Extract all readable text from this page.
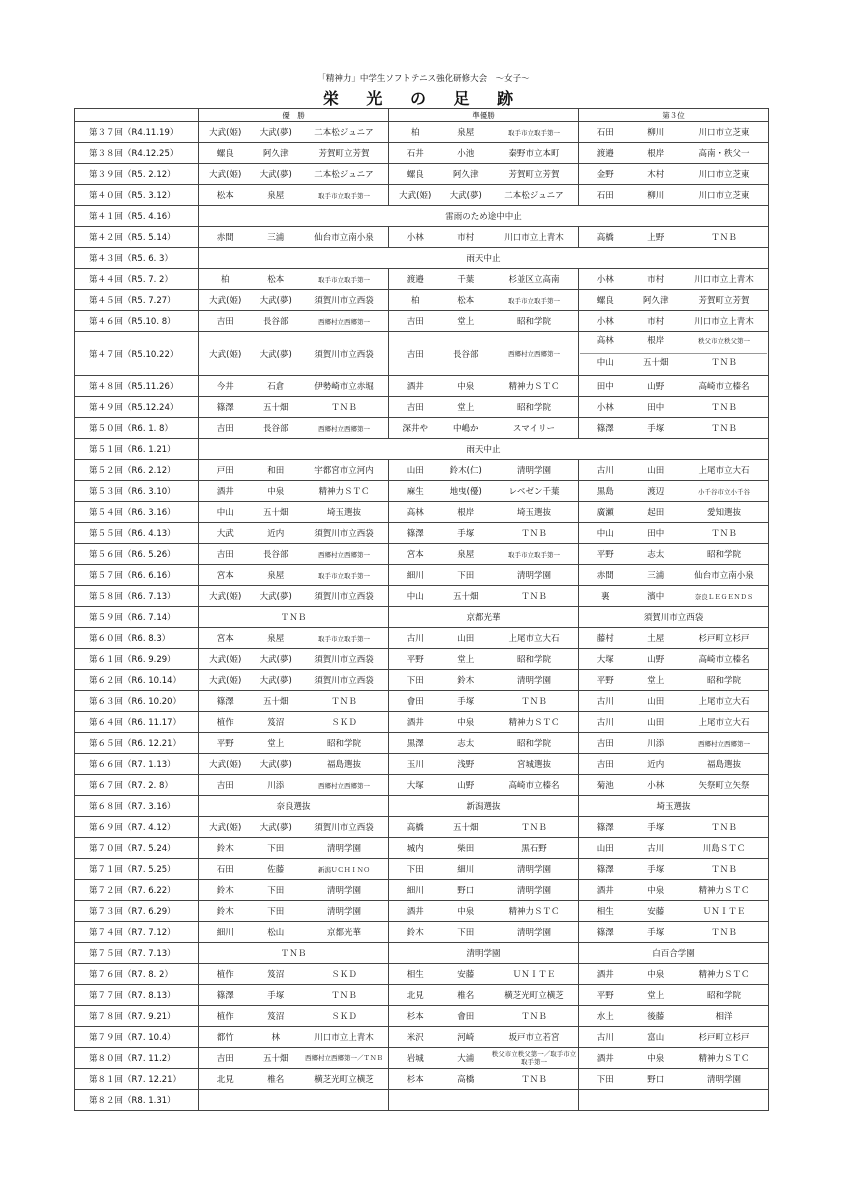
「精神力」中学生ソフトテニス強化研修大会　～女子～
栄 光 の 足 跡
	優　勝	準優勝	第３位
第３７回（R4.11.19）	大武(姫) 大武(夢) 二本松ジュニア	柏 泉屋 取手市立取手第一	石田 柳川 川口市立芝東

第３８回（R4.12.25）	螺良 阿久津 芳賀町立芳賀	石井 小池 秦野市立本町	渡邉 根岸 高南・秩父一

第３９回（R5. 2.12）	大武(姫) 大武(夢) 二本松ジュニア	螺良 阿久津 芳賀町立芳賀	金野 木村 川口市立芝東

第４０回（R5. 3.12）	松本 泉屋 取手市立取手第一	大武(姫) 大武(夢) 二本松ジュニア	石田 柳川 川口市立芝東

第４１回（R5. 4.16）	雷雨のため途中中止		
第４２回（R5. 5.14）	赤間 三浦 仙台市立南小泉	小林 市村 川口市立上青木	高橋 上野 ＴＮＢ

第４３回（R5. 6. 3）	雨天中止		
第４４回（R5. 7. 2）	柏 松本 取手市立取手第一	渡邉 千葉 杉並区立高南	小林 市村 川口市立上青木

第４５回（R5. 7.27）	大武(姫) 大武(夢) 須賀川市立西袋	柏 松本 取手市立取手第一	螺良 阿久津 芳賀町立芳賀

第４６回（R5.10. 8）	吉田 長谷部 西郷村立西郷第一	吉田 堂上 昭和学院	小林 市村 川口市立上青木

第４７回（R5.10.22）	大武(姫) 大武(夢) 須賀川市立西袋	吉田 長谷部 西郷村立西郷第一	高林 根岸 秩父市立秩父第一
中山 五十畑 ＴＮＢ

第４８回（R5.11.26）	今井 石倉 伊勢崎市立赤堀	酒井 中泉 精神力ＳＴＣ	田中 山野 高崎市立榛名

第４９回（R5.12.24）	篠澤 五十畑 ＴＮＢ	吉田 堂上 昭和学院	小林 田中 ＴＮＢ

第５０回（R6. 1. 8）	吉田 長谷部 西郷村立西郷第一	深井や 中嶋か スマイリー	篠澤 手塚 ＴＮＢ

第５１回（R6. 1.21）	雨天中止		
第５２回（R6. 2.12）	戸田 和田 宇都宮市立河内	山田 鈴木(仁) 清明学園	古川 山田 上尾市立大石

第５３回（R6. 3.10）	酒井 中泉 精神力ＳＴＣ	麻生 地曳(優) レベゼン千葉	黒島 渡辺 小千谷市立小千谷

第５４回（R6. 3.16）	中山 五十畑 埼玉選抜	高林 根岸 埼玉選抜	廣瀬 起田 愛知選抜

第５５回（R6. 4.13）	大武 近内 須賀川市立西袋	篠澤 手塚 ＴＮＢ	中山 田中 ＴＮＢ

第５６回（R6. 5.26）	吉田 長谷部 西郷村立西郷第一	宮本 泉屋 取手市立取手第一	平野 志太 昭和学院

第５７回（R6. 6.16）	宮本 泉屋 取手市立取手第一	細川 下田 清明学園	赤間 三浦 仙台市立南小泉

第５８回（R6. 7.13）	大武(姫) 大武(夢) 須賀川市立西袋	中山 五十畑 ＴＮＢ	裏 濱中 奈良ＬＥＧＥＮＤＳ

第５９回（R6. 7.14）	ＴＮＢ	京都光華	須賀川市立西袋
第６０回（R6. 8.3）	宮本 泉屋 取手市立取手第一	古川 山田 上尾市立大石	藤村 土屋 杉戸町立杉戸

第６１回（R6. 9.29）	大武(姫) 大武(夢) 須賀川市立西袋	平野 堂上 昭和学院	大塚 山野 高崎市立榛名

第６２回（R6. 10.14）	大武(姫) 大武(夢) 須賀川市立西袋	下田 鈴木 清明学園	平野 堂上 昭和学院

第６３回（R6. 10.20）	篠澤 五十畑 ＴＮＢ	會田 手塚 ＴＮＢ	古川 山田 上尾市立大石

第６４回（R6. 11.17）	植作 笈沼 ＳＫＤ	酒井 中泉 精神力ＳＴＣ	古川 山田 上尾市立大石

第６５回（R6. 12.21）	平野 堂上 昭和学院	黒澤 志太 昭和学院	吉田 川添 西郷村立西郷第一

第６６回（R7. 1.13）	大武(姫) 大武(夢) 福島選抜	玉川 浅野 宮城選抜	吉田 近内 福島選抜

第６７回（R7. 2. 8）	吉田 川添 西郷村立西郷第一	大塚 山野 高崎市立榛名	菊池 小林 矢祭町立矢祭

第６８回（R7. 3.16）	奈良選抜	新潟選抜	埼玉選抜
第６９回（R7. 4.12）	大武(姫) 大武(夢) 須賀川市立西袋	高橋 五十畑 ＴＮＢ	篠澤 手塚 ＴＮＢ

第７０回（R7. 5.24）	鈴木 下田 清明学園	城内 柴田 黒石野	山田 古川 川島ＳＴＣ

第７１回（R7. 5.25）	石田 佐藤 新潟ＵＣＨＩＮＯ	下田 細川 清明学園	篠澤 手塚 ＴＮＢ

第７２回（R7. 6.22）	鈴木 下田 清明学園	細川 野口 清明学園	酒井 中泉 精神力ＳＴＣ

第７３回（R7. 6.29）	鈴木 下田 清明学園	酒井 中泉 精神力ＳＴＣ	相生 安藤 ＵＮＩＴＥ

第７４回（R7. 7.12）	細川 松山 京都光華	鈴木 下田 清明学園	篠澤 手塚 ＴＮＢ

第７５回（R7. 7.13）	ＴＮＢ	清明学園	白百合学園
第７６回（R7. 8. 2）	植作 笈沼 ＳＫＤ	相生 安藤 ＵＮＩＴＥ	酒井 中泉 精神力ＳＴＣ

第７７回（R7. 8.13）	篠澤 手塚 ＴＮＢ	北見 椎名 横芝光町立横芝	平野 堂上 昭和学院

第７８回（R7. 9.21）	植作 笈沼 ＳＫＤ	杉本 會田 ＴＮＢ	水上 後藤 相洋

第７９回（R7. 10.4）	都竹 林 川口市立上青木	米沢 河崎 坂戸市立若宮	古川 富山 杉戸町立杉戸

第８０回（R7. 11.2）	吉田 五十畑 西郷村立西郷第一／ＴＮＢ	岩城 大浦 秩父市立秩父第一／取手市立取手第一	酒井 中泉 精神力ＳＴＣ

第８１回（R7. 12.21）	北見 椎名 横芝光町立横芝	杉本 高橋 ＴＮＢ	下田 野口 清明学園

第８２回（R8. 1.31）	
